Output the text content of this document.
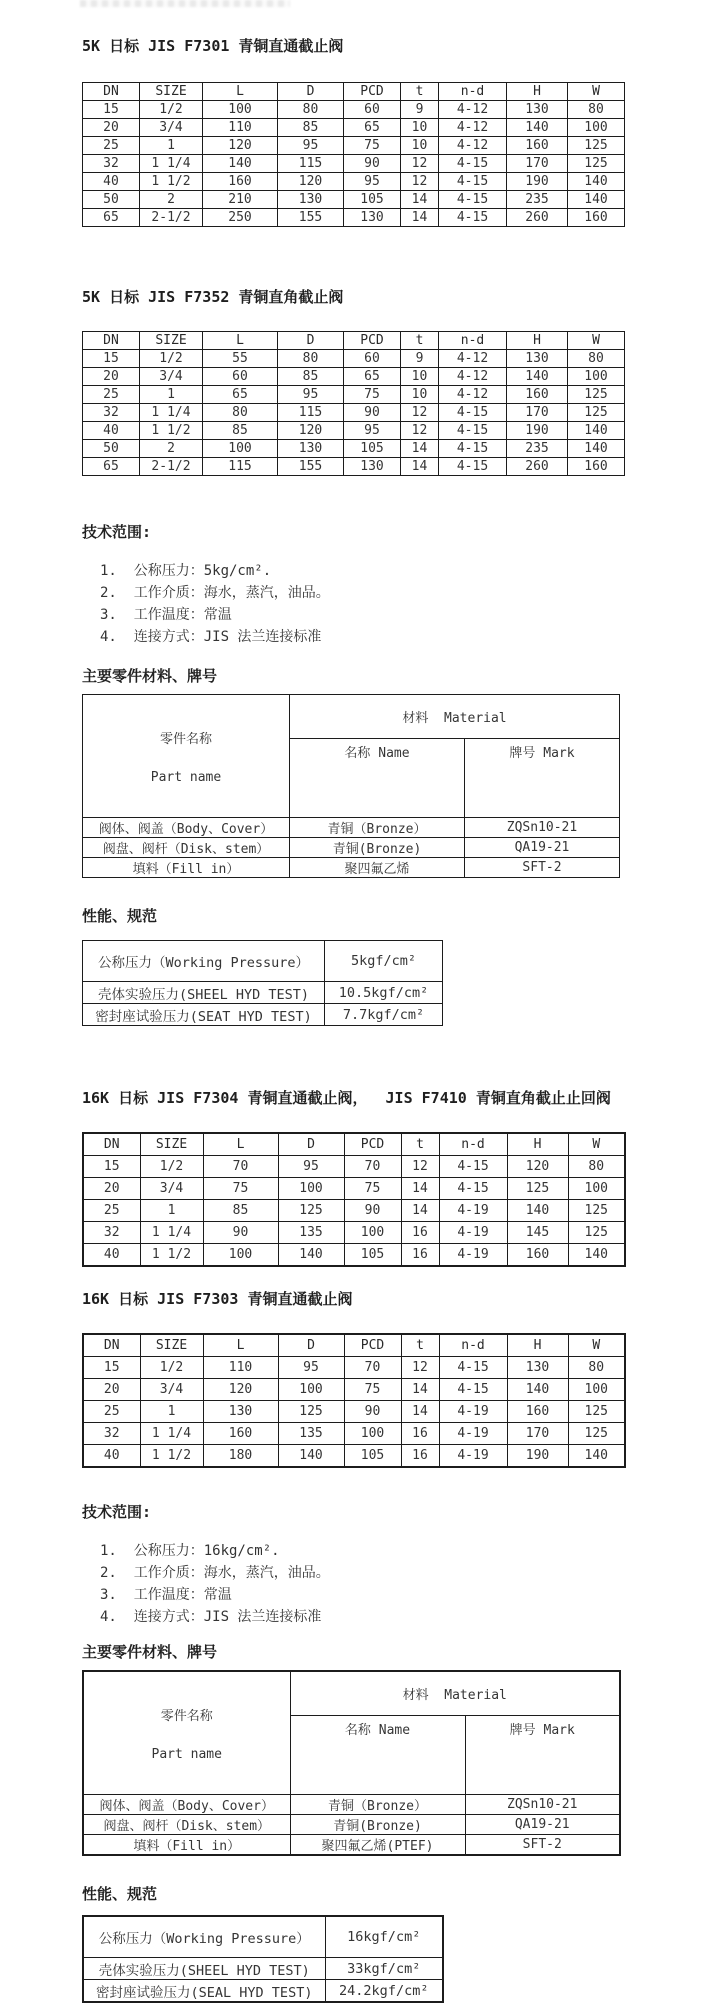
5K 日标 JIS F7301 青铜直通截止阀
DN	SIZE	L	D	PCD	t	n-d	H	W
15	1/2	100	80	60	9	4-12	130	80
20	3/4	110	85	65	10	4-12	140	100
25	1	120	95	75	10	4-12	160	125
32	1 1/4	140	115	90	12	4-15	170	125
40	1 1/2	160	120	95	12	4-15	190	140
50	2	210	130	105	14	4-15	235	140
65	2-1/2	250	155	130	14	4-15	260	160
5K 日标 JIS F7352 青铜直角截止阀
DN	SIZE	L	D	PCD	t	n-d	H	W
15	1/2	55	80	60	9	4-12	130	80
20	3/4	60	85	65	10	4-12	140	100
25	1	65	95	75	10	4-12	160	125
32	1 1/4	80	115	90	12	4-15	170	125
40	1 1/2	85	120	95	12	4-15	190	140
50	2	100	130	105	14	4-15	235	140
65	2-1/2	115	155	130	14	4-15	260	160
技术范围:
1.  公称压力：5kg/cm².
2.  工作介质：海水，蒸汽，油品。
3.  工作温度：常温
4.  连接方式：JIS 法兰连接标准
主要零件材料、牌号

零件名称
Part name	材料  Material	
	名称 Name	牌号 Mark
阀体、阀盖（Body、Cover）	青铜（Bronze）	ZQSn10-21
阀盘、阀杆（Disk、stem）	青铜(Bronze)	QA19-21
填料（Fill in）	聚四氟乙烯	SFT-2
性能、规范
公称压力（Working Pressure）	5kgf/cm²
壳体实验压力(SHEEL HYD TEST)	10.5kgf/cm²
密封座试验压力(SEAT HYD TEST)	7.7kgf/cm²
16K 日标 JIS F7304 青铜直通截止阀，  JIS F7410 青铜直角截止止回阀
DN	SIZE	L	D	PCD	t	n-d	H	W
15	1/2	70	95	70	12	4-15	120	80
20	3/4	75	100	75	14	4-15	125	100
25	1	85	125	90	14	4-19	140	125
32	1 1/4	90	135	100	16	4-19	145	125
40	1 1/2	100	140	105	16	4-19	160	140
16K 日标 JIS F7303 青铜直通截止阀
DN	SIZE	L	D	PCD	t	n-d	H	W
15	1/2	110	95	70	12	4-15	130	80
20	3/4	120	100	75	14	4-15	140	100
25	1	130	125	90	14	4-19	160	125
32	1 1/4	160	135	100	16	4-19	170	125
40	1 1/2	180	140	105	16	4-19	190	140
技术范围:
1.  公称压力：16kg/cm².
2.  工作介质：海水，蒸汽，油品。
3.  工作温度：常温
4.  连接方式：JIS 法兰连接标准
主要零件材料、牌号

零件名称
Part name	材料  Material	
	名称 Name	牌号 Mark
阀体、阀盖（Body、Cover）	青铜（Bronze）	ZQSn10-21
阀盘、阀杆（Disk、stem）	青铜(Bronze)	QA19-21
填料（Fill in）	聚四氟乙烯(PTEF)	SFT-2
性能、规范
公称压力（Working Pressure）	16kgf/cm²
壳体实验压力(SHEEL HYD TEST)	33kgf/cm²
密封座试验压力(SEAL HYD TEST)	24.2kgf/cm²
